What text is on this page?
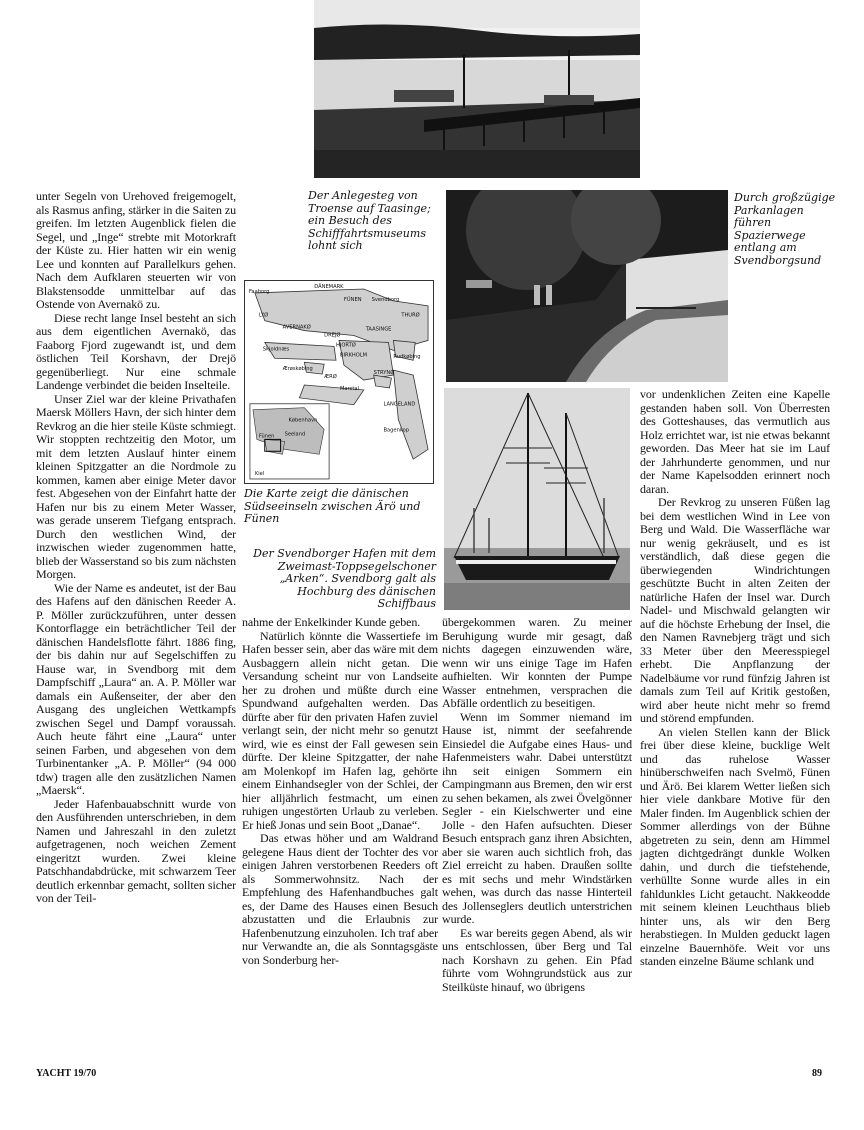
Faaborg
DÄNEMARK
FÜNEN Svendborg
THURØ
LYØ
AVERNAKØ
DREJØ
HJORTØ
TAASINGE
Skjoldnæs
BIRKHOLM	Rudkøbing
Ærøskøbing
ÆRØ
Marstal
STRYNØ
LANGELAND
Bagenkop
København
Fünen Seeland
Kiel
Der Anlegesteg von Troense auf Taasinge; ein Besuch des Schifffahrtsmuseums lohnt sich
Durch großzügige Parkanlagen führen Spazierwege entlang am Svendborgsund
Die Karte zeigt die dänischen Südseeinseln zwischen Ärö und Fünen
Der Svendborger Hafen mit dem Zweimast-Toppsegelschoner „Arken“. Svendborg galt als Hochburg des dänischen Schiffbaus

unter Segeln von Urehoved freigemogelt, als Rasmus anfing, stärker in die Saiten zu greifen. Im letzten Augenblick fielen die Segel, und „Inge“ strebte mit Motorkraft der Küste zu. Hier hatten wir ein wenig Lee und konnten auf Parallelkurs gehen. Nach dem Aufklaren steuerten wir von Blakstensodde unmittelbar auf das Ostende von Avernakö zu.

Diese recht lange Insel besteht an sich aus dem eigentlichen Avernakö, das Faaborg Fjord zugewandt ist, und dem östlichen Teil Korshavn, der Drejö gegenüberliegt. Nur eine schmale Landenge verbindet die beiden Inselteile.

Unser Ziel war der kleine Privathafen Maersk Möllers Havn, der sich hinter dem Revkrog an die hier steile Küste schmiegt. Wir stoppten rechtzeitig den Motor, um mit dem letzten Auslauf hinter einem kleinen Spitzgatter an die Nordmole zu kommen, kamen aber einige Meter davor fest. Abgesehen von der Einfahrt hatte der Hafen nur bis zu einem Meter Wasser, was gerade unserem Tiefgang entsprach. Durch den westlichen Wind, der inzwischen wieder zugenommen hatte, blieb der Wasserstand so bis zum nächsten Morgen.

Wie der Name es andeutet, ist der Bau des Hafens auf den dänischen Reeder A. P. Möller zurückzuführen, unter dessen Kontorflagge ein beträchtlicher Teil der dänischen Handelsflotte fährt. 1886 fing, der bis dahin nur auf Segelschiffen zu Hause war, in Svendborg mit dem Dampfschiff „Laura“ an. A. P. Möller war damals ein Außenseiter, der aber den Ausgang des ungleichen Wettkampfs zwischen Segel und Dampf voraussah. Auch heute fährt eine „Laura“ unter seinen Farben, und abgesehen von dem Turbinentanker „A. P. Möller“ (94 000 tdw) tragen alle den zusätzlichen Namen „Maersk“.

Jeder Hafenbauabschnitt wurde von den Ausführenden unterschrieben, in dem Namen und Jahreszahl in den zuletzt aufgetragenen, noch weichen Zement eingeritzt wurden. Zwei kleine Patschhandabdrücke, mit schwarzem Teer deutlich erkennbar gemacht, sollten sicher von der Teil-

nahme der Enkelkinder Kunde geben.

Natürlich könnte die Wassertiefe im Hafen besser sein, aber das wäre mit dem Ausbaggern allein nicht getan. Die Versandung scheint nur von Landseite her zu drohen und müßte durch eine Spundwand aufgehalten werden. Das dürfte aber für den privaten Hafen zuviel verlangt sein, der nicht mehr so genutzt wird, wie es einst der Fall gewesen sein dürfte. Der kleine Spitzgatter, der nahe am Molenkopf im Hafen lag, gehörte einem Einhandsegler von der Schlei, der hier alljährlich festmacht, um einen ruhigen ungestörten Urlaub zu verleben. Er hieß Jonas und sein Boot „Danae“.

Das etwas höher und am Waldrand gelegene Haus dient der Tochter des vor einigen Jahren verstorbenen Reeders oft als Sommerwohnsitz. Nach der Empfehlung des Hafenhandbuches galt es, der Dame des Hauses einen Besuch abzustatten und die Erlaubnis zur Hafenbenutzung einzuholen. Ich traf aber nur Verwandte an, die als Sonntagsgäste von Sonderburg her-

übergekommen waren. Zu meiner Beruhigung wurde mir gesagt, daß nichts dagegen einzuwenden wäre, wenn wir uns einige Tage im Hafen aufhielten. Wir konnten der Pumpe Wasser entnehmen, versprachen die Abfälle ordentlich zu beseitigen.

Wenn im Sommer niemand im Hause ist, nimmt der seefahrende Einsiedel die Aufgabe eines Haus- und Hafenmeisters wahr. Dabei unterstützt ihn seit einigen Sommern ein Campingmann aus Bremen, den wir erst zu sehen bekamen, als zwei Övelgönner Segler - ein Kielschwerter und eine Jolle - den Hafen aufsuchten. Dieser Besuch entsprach ganz ihren Absichten, aber sie waren auch sichtlich froh, das Ziel erreicht zu haben. Draußen sollte es mit sechs und mehr Windstärken wehen, was durch das nasse Hinterteil des Jollenseglers deutlich unterstrichen wurde.

Es war bereits gegen Abend, als wir uns entschlossen, über Berg und Tal nach Korshavn zu gehen. Ein Pfad führte vom Wohngrundstück aus zur Steilküste hinauf, wo übrigens

vor undenklichen Zeiten eine Kapelle gestanden haben soll. Von Überresten des Gotteshauses, das vermutlich aus Holz errichtet war, ist nie etwas bekannt geworden. Das Meer hat sie im Lauf der Jahrhunderte genommen, und nur der Name Kapelsodden erinnert noch daran.

Der Revkrog zu unseren Füßen lag bei dem westlichen Wind in Lee von Berg und Wald. Die Wasserfläche war nur wenig gekräuselt, und es ist verständlich, daß diese gegen die überwiegenden Windrichtungen geschützte Bucht in alten Zeiten der natürliche Hafen der Insel war. Durch Nadel- und Mischwald gelangten wir auf die höchste Erhebung der Insel, die den Namen Ravnebjerg trägt und sich 33 Meter über den Meeresspiegel erhebt. Die Anpflanzung der Nadelbäume vor rund fünfzig Jahren ist damals zum Teil auf Kritik gestoßen, wird aber heute nicht mehr so fremd und störend empfunden.

An vielen Stellen kann der Blick frei über diese kleine, bucklige Welt und das ruhelose Wasser hinüberschweifen nach Svelmö, Fünen und Ärö. Bei klarem Wetter ließen sich hier viele dankbare Motive für den Maler finden. Im Augenblick schien der Sommer allerdings von der Bühne abgetreten zu sein, denn am Himmel jagten dichtgedrängt dunkle Wolken dahin, und durch die tiefstehende, verhüllte Sonne wurde alles in ein fahldunkles Licht getaucht. Nakkeodde mit seinem kleinen Leuchthaus blieb hinter uns, als wir den Berg herabstiegen. In Mulden geduckt lagen einzelne Bauernhöfe. Weit vor uns standen einzelne Bäume schlank und

YACHT 19/70	89
